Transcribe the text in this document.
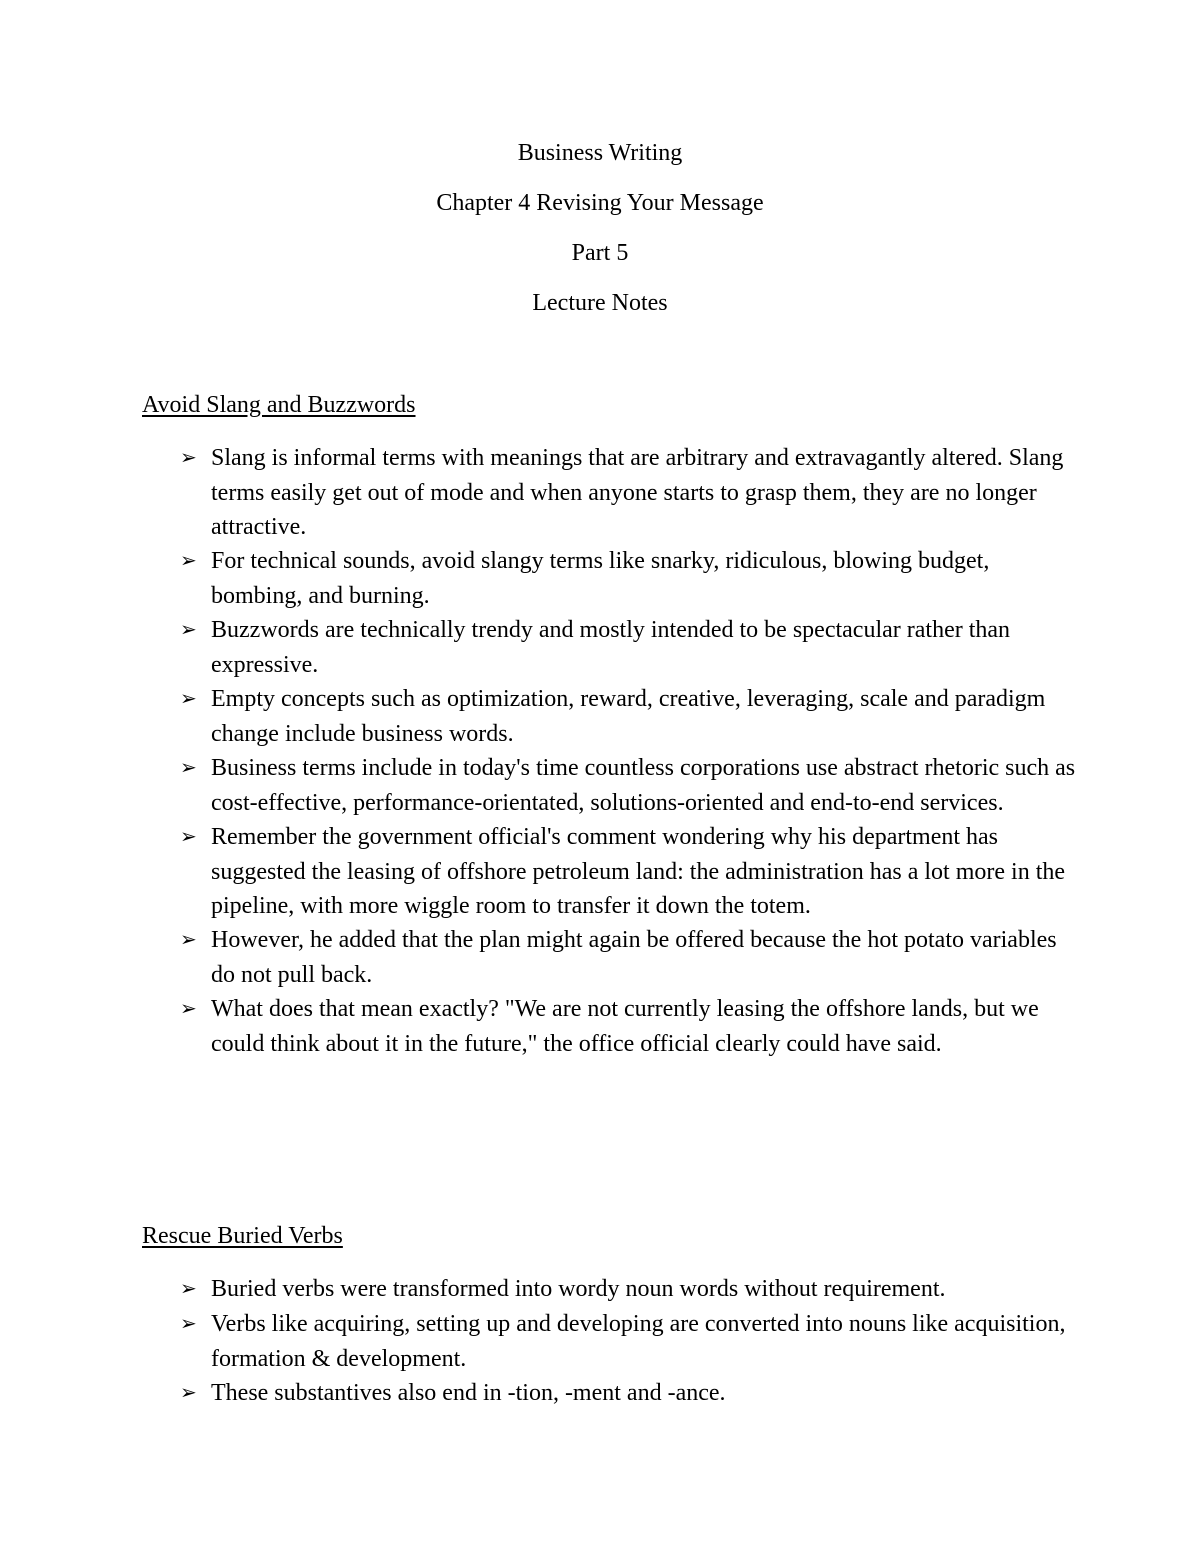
Business Writing
Chapter 4 Revising Your Message
Part 5
Lecture Notes
Avoid Slang and Buzzwords
➢ Slang is informal terms with meanings that are arbitrary and extravagantly altered. Slang terms easily get out of mode and when anyone starts to grasp them, they are no longer attractive.
➢ For technical sounds, avoid slangy terms like snarky, ridiculous, blowing budget, bombing, and burning.
➢ Buzzwords are technically trendy and mostly intended to be spectacular rather than expressive.
➢ Empty concepts such as optimization, reward, creative, leveraging, scale and paradigm change include business words.
➢ Business terms include in today's time countless corporations use abstract rhetoric such as cost-effective, performance-orientated, solutions-oriented and end-to-end services.
➢ Remember the government official's comment wondering why his department has suggested the leasing of offshore petroleum land: the administration has a lot more in the pipeline, with more wiggle room to transfer it down the totem.
➢ However, he added that the plan might again be offered because the hot potato variables do not pull back.
➢ What does that mean exactly? "We are not currently leasing the offshore lands, but we could think about it in the future," the office official clearly could have said.
Rescue Buried Verbs
➢ Buried verbs were transformed into wordy noun words without requirement.
➢ Verbs like acquiring, setting up and developing are converted into nouns like acquisition, formation & development.
➢ These substantives also end in -tion, -ment and -ance.
